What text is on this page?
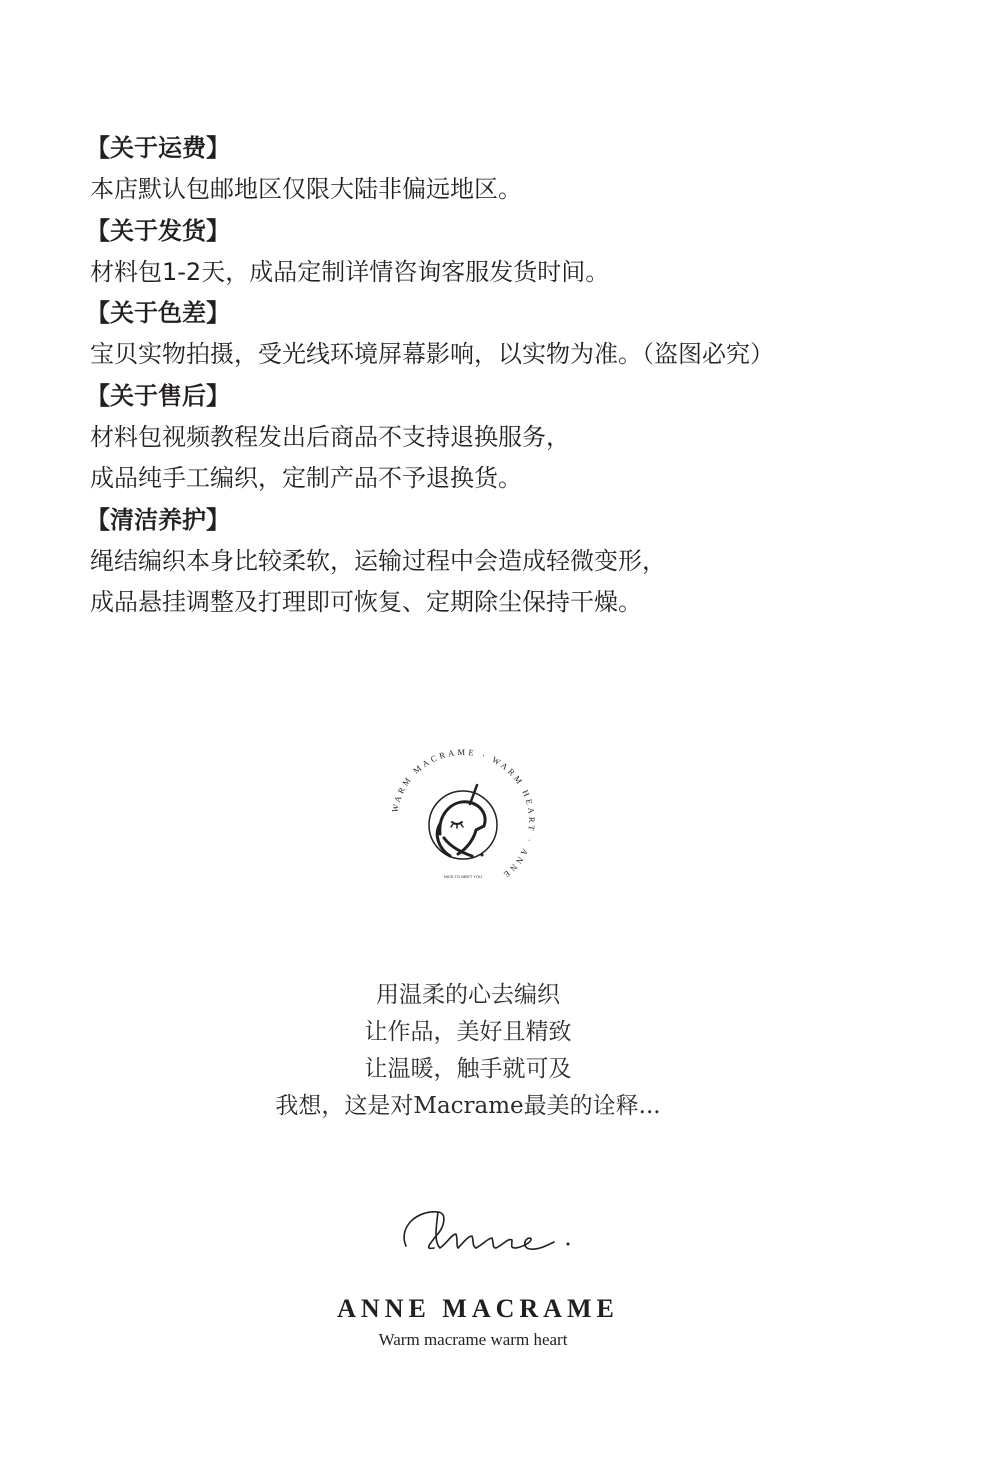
【关于运费】
本店默认包邮地区仅限大陆非偏远地区。
【关于发货】
材料包1-2天，成品定制详情咨询客服发货时间。
【关于色差】
宝贝实物拍摄，受光线环境屏幕影响，以实物为准。（盗图必究）
【关于售后】
材料包视频教程发出后商品不支持退换服务，
成品纯手工编织，定制产品不予退换货。
【清洁养护】
绳结编织本身比较柔软，运输过程中会造成轻微变形，
成品悬挂调整及打理即可恢复、定期除尘保持干燥。
WARM MACRAME · WARM HEART · ANNE
NICE TO MEET YOU
用温柔的心去编织
让作品，美好且精致
让温暖，触手就可及
我想，这是对Macrame最美的诠释...
ANNE MACRAME
Warm macrame warm heart
